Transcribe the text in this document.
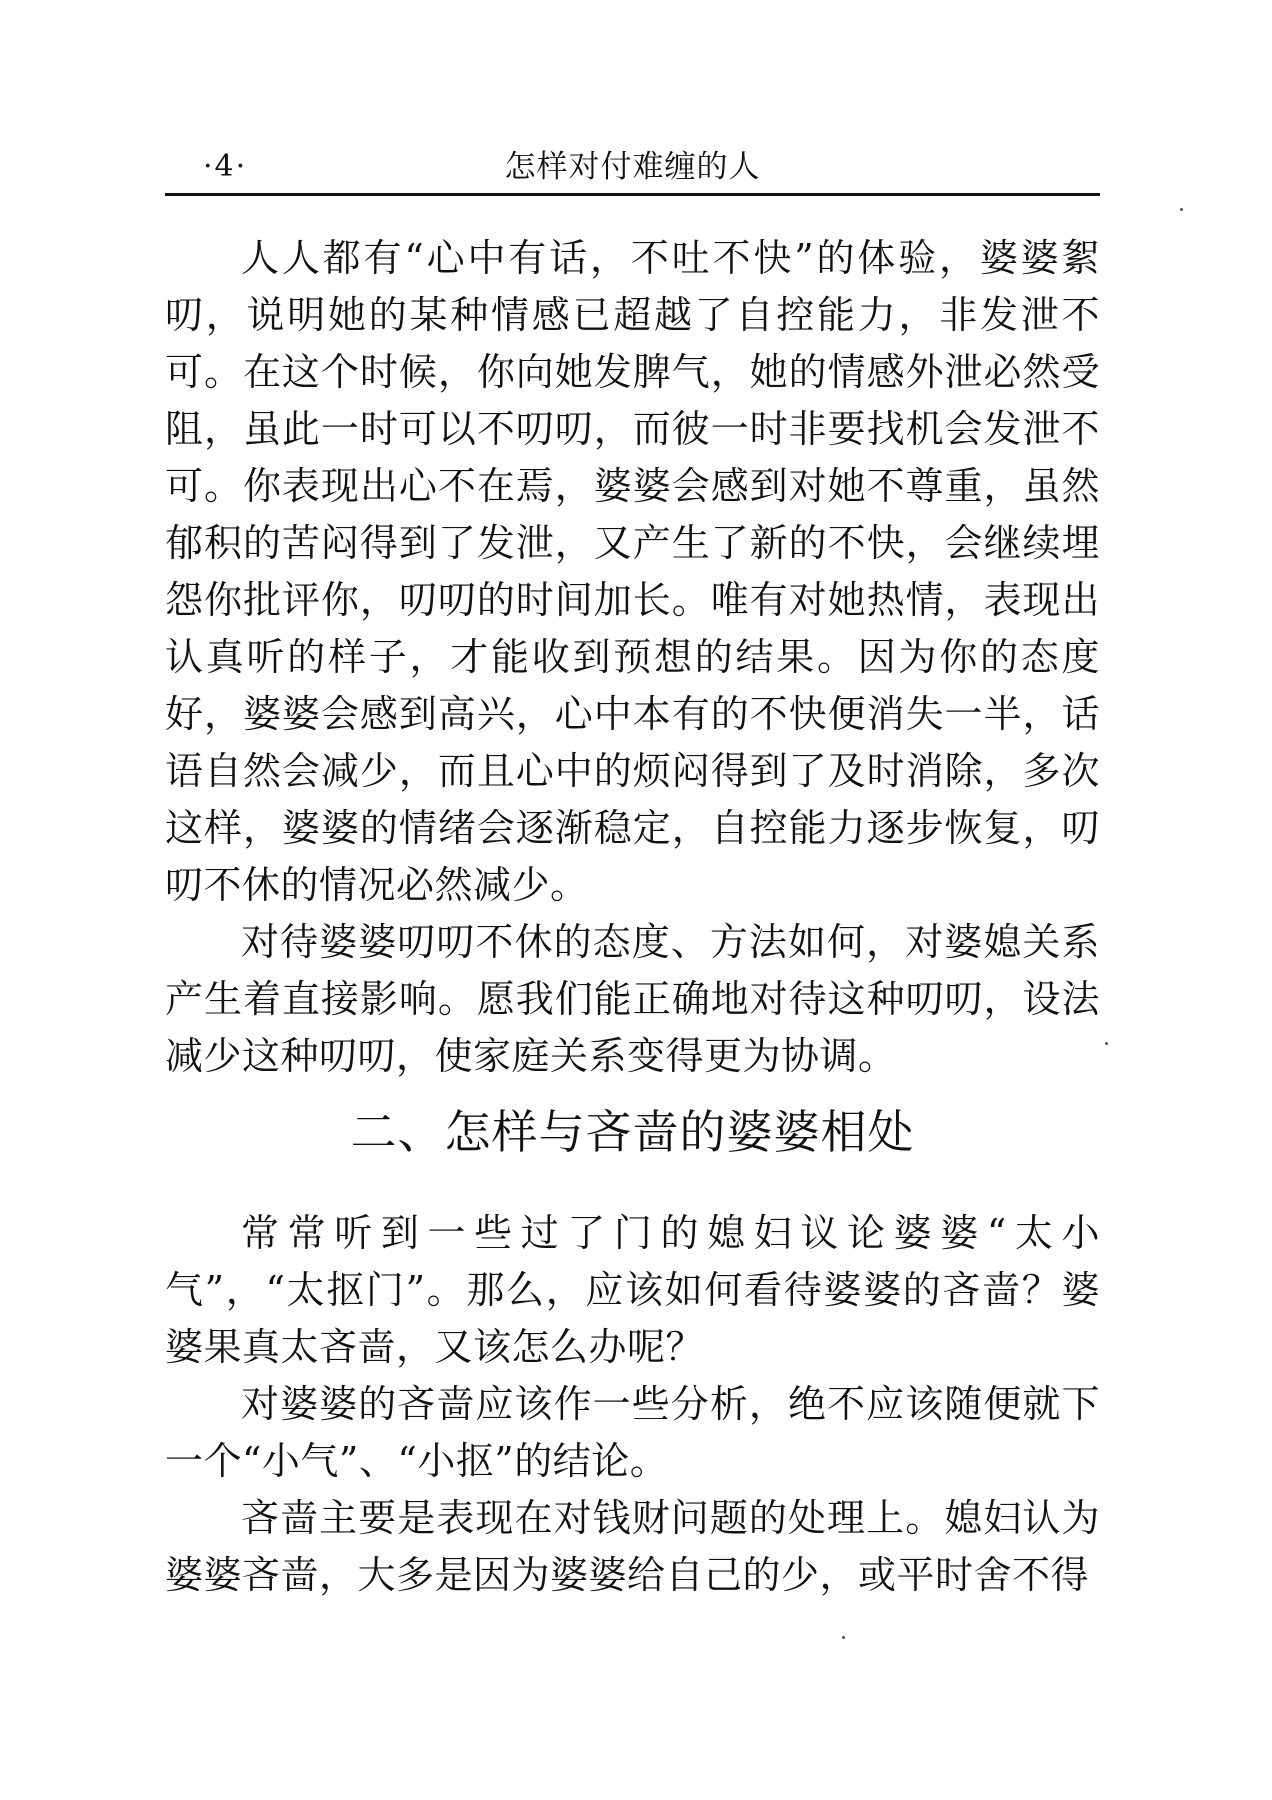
·4·	怎样对付难缠的人

人人都有“心中有话，不吐不快”的体验，婆婆絮叨，说明她的某种情感已超越了自控能力，非发泄不可。在这个时候，你向她发脾气，她的情感外泄必然受阻，虽此一时可以不叨叨，而彼一时非要找机会发泄不可。你表现出心不在焉，婆婆会感到对她不尊重，虽然郁积的苦闷得到了发泄，又产生了新的不快，会继续埋怨你批评你，叨叨的时间加长。唯有对她热情，表现出认真听的样子，才能收到预想的结果。因为你的态度好，婆婆会感到高兴，心中本有的不快便消失一半，话语自然会减少，而且心中的烦闷得到了及时消除，多次这样，婆婆的情绪会逐渐稳定，自控能力逐步恢复，叨叨不休的情况必然减少。

对待婆婆叨叨不休的态度、方法如何，对婆媳关系产生着直接影响。愿我们能正确地对待这种叨叨，设法减少这种叨叨，使家庭关系变得更为协调。

二、怎样与吝啬的婆婆相处

常常听到一些过了门的媳妇议论婆婆“太小气”，“太抠门”。那么，应该如何看待婆婆的吝啬？婆婆果真太吝啬，又该怎么办呢？

对婆婆的吝啬应该作一些分析，绝不应该随便就下一个“小气”、“小抠”的结论。

吝啬主要是表现在对钱财问题的处理上。媳妇认为婆婆吝啬，大多是因为婆婆给自己的少，或平时舍不得
